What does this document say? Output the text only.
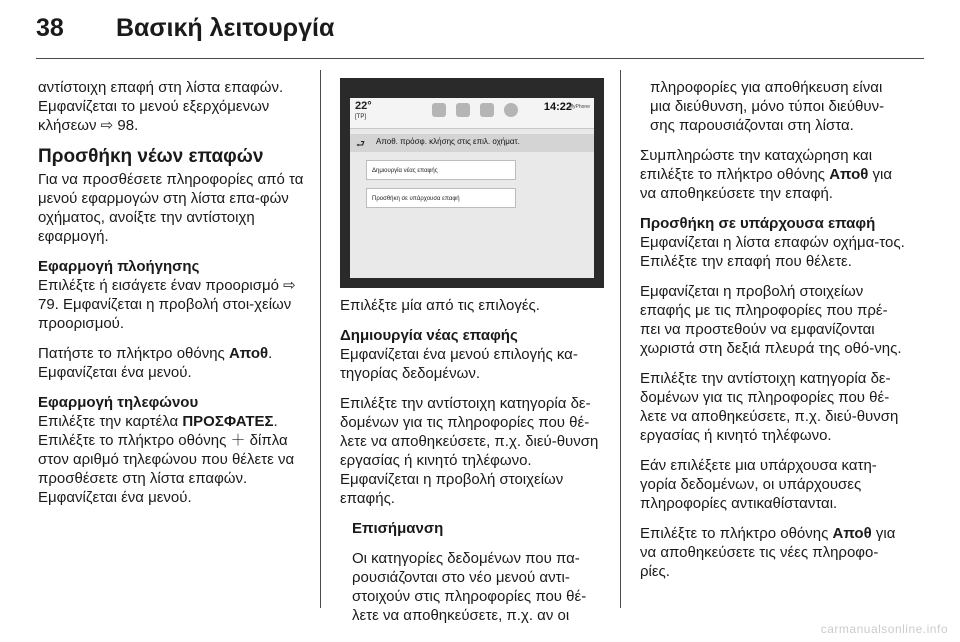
38 Βασική λειτουργία

αντίστοιχη επαφή στη λίστα επαφών. Εμφανίζεται το μενού εξερχόμενων κλήσεων ⇨ 98.

Προσθήκη νέων επαφών

Για να προσθέσετε πληροφορίες από τα μενού εφαρμογών στη λίστα επα-φών οχήματος, ανοίξτε την αντίστοιχη εφαρμογή.

Εφαρμογή πλοήγησης

Επιλέξτε ή εισάγετε έναν προορισμό ⇨ 79. Εμφανίζεται η προβολή στοι-χείων προορισμού.

Πατήστε το πλήκτρο οθόνης Αποθ. Εμφανίζεται ένα μενού.

Εφαρμογή τηλεφώνου

Επιλέξτε την καρτέλα ΠΡΟΣΦΑΤΕΣ. Επιλέξτε το πλήκτρο οθόνης ＋ δίπλα στον αριθμό τηλεφώνου που θέλετε να προσθέσετε στη λίστα επαφών. Εμφανίζεται ένα μενού.

22°
[TP]
14:22
MyPhone
⮐ Αποθ. πρόσφ. κλήσης στις επιλ. οχήματ.
Δημιουργία νέας επαφής
Προσθήκη σε υπάρχουσα επαφή

Επιλέξτε μία από τις επιλογές.

Δημιουργία νέας επαφής

Εμφανίζεται ένα μενού επιλογής κα-τηγορίας δεδομένων.

Επιλέξτε την αντίστοιχη κατηγορία δε-δομένων για τις πληροφορίες που θέ-λετε να αποθηκεύσετε, π.χ. διεύ-θυνση εργασίας ή κινητό τηλέφωνο. Εμφανίζεται η προβολή στοιχείων επαφής.

Επισήμανση

Οι κατηγορίες δεδομένων που πα-ρουσιάζονται στο νέο μενού αντι-στοιχούν στις πληροφορίες που θέ-λετε να αποθηκεύσετε, π.χ. αν οι

πληροφορίες για αποθήκευση είναι μια διεύθυνση, μόνο τύποι διεύθυν-σης παρουσιάζονται στη λίστα.

Συμπληρώστε την καταχώρηση και επιλέξτε το πλήκτρο οθόνης Αποθ για να αποθηκεύσετε την επαφή.

Προσθήκη σε υπάρχουσα επαφή

Εμφανίζεται η λίστα επαφών οχήμα-τος. Επιλέξτε την επαφή που θέλετε.

Εμφανίζεται η προβολή στοιχείων επαφής με τις πληροφορίες που πρέ-πει να προστεθούν να εμφανίζονται χωριστά στη δεξιά πλευρά της οθό-νης.

Επιλέξτε την αντίστοιχη κατηγορία δε-δομένων για τις πληροφορίες που θέ-λετε να αποθηκεύσετε, π.χ. διεύ-θυνση εργασίας ή κινητό τηλέφωνο.

Εάν επιλέξετε μια υπάρχουσα κατη-γορία δεδομένων, οι υπάρχουσες πληροφορίες αντικαθίστανται.

Επιλέξτε το πλήκτρο οθόνης Αποθ για να αποθηκεύσετε τις νέες πληροφο-ρίες.

carmanualsonline.info
